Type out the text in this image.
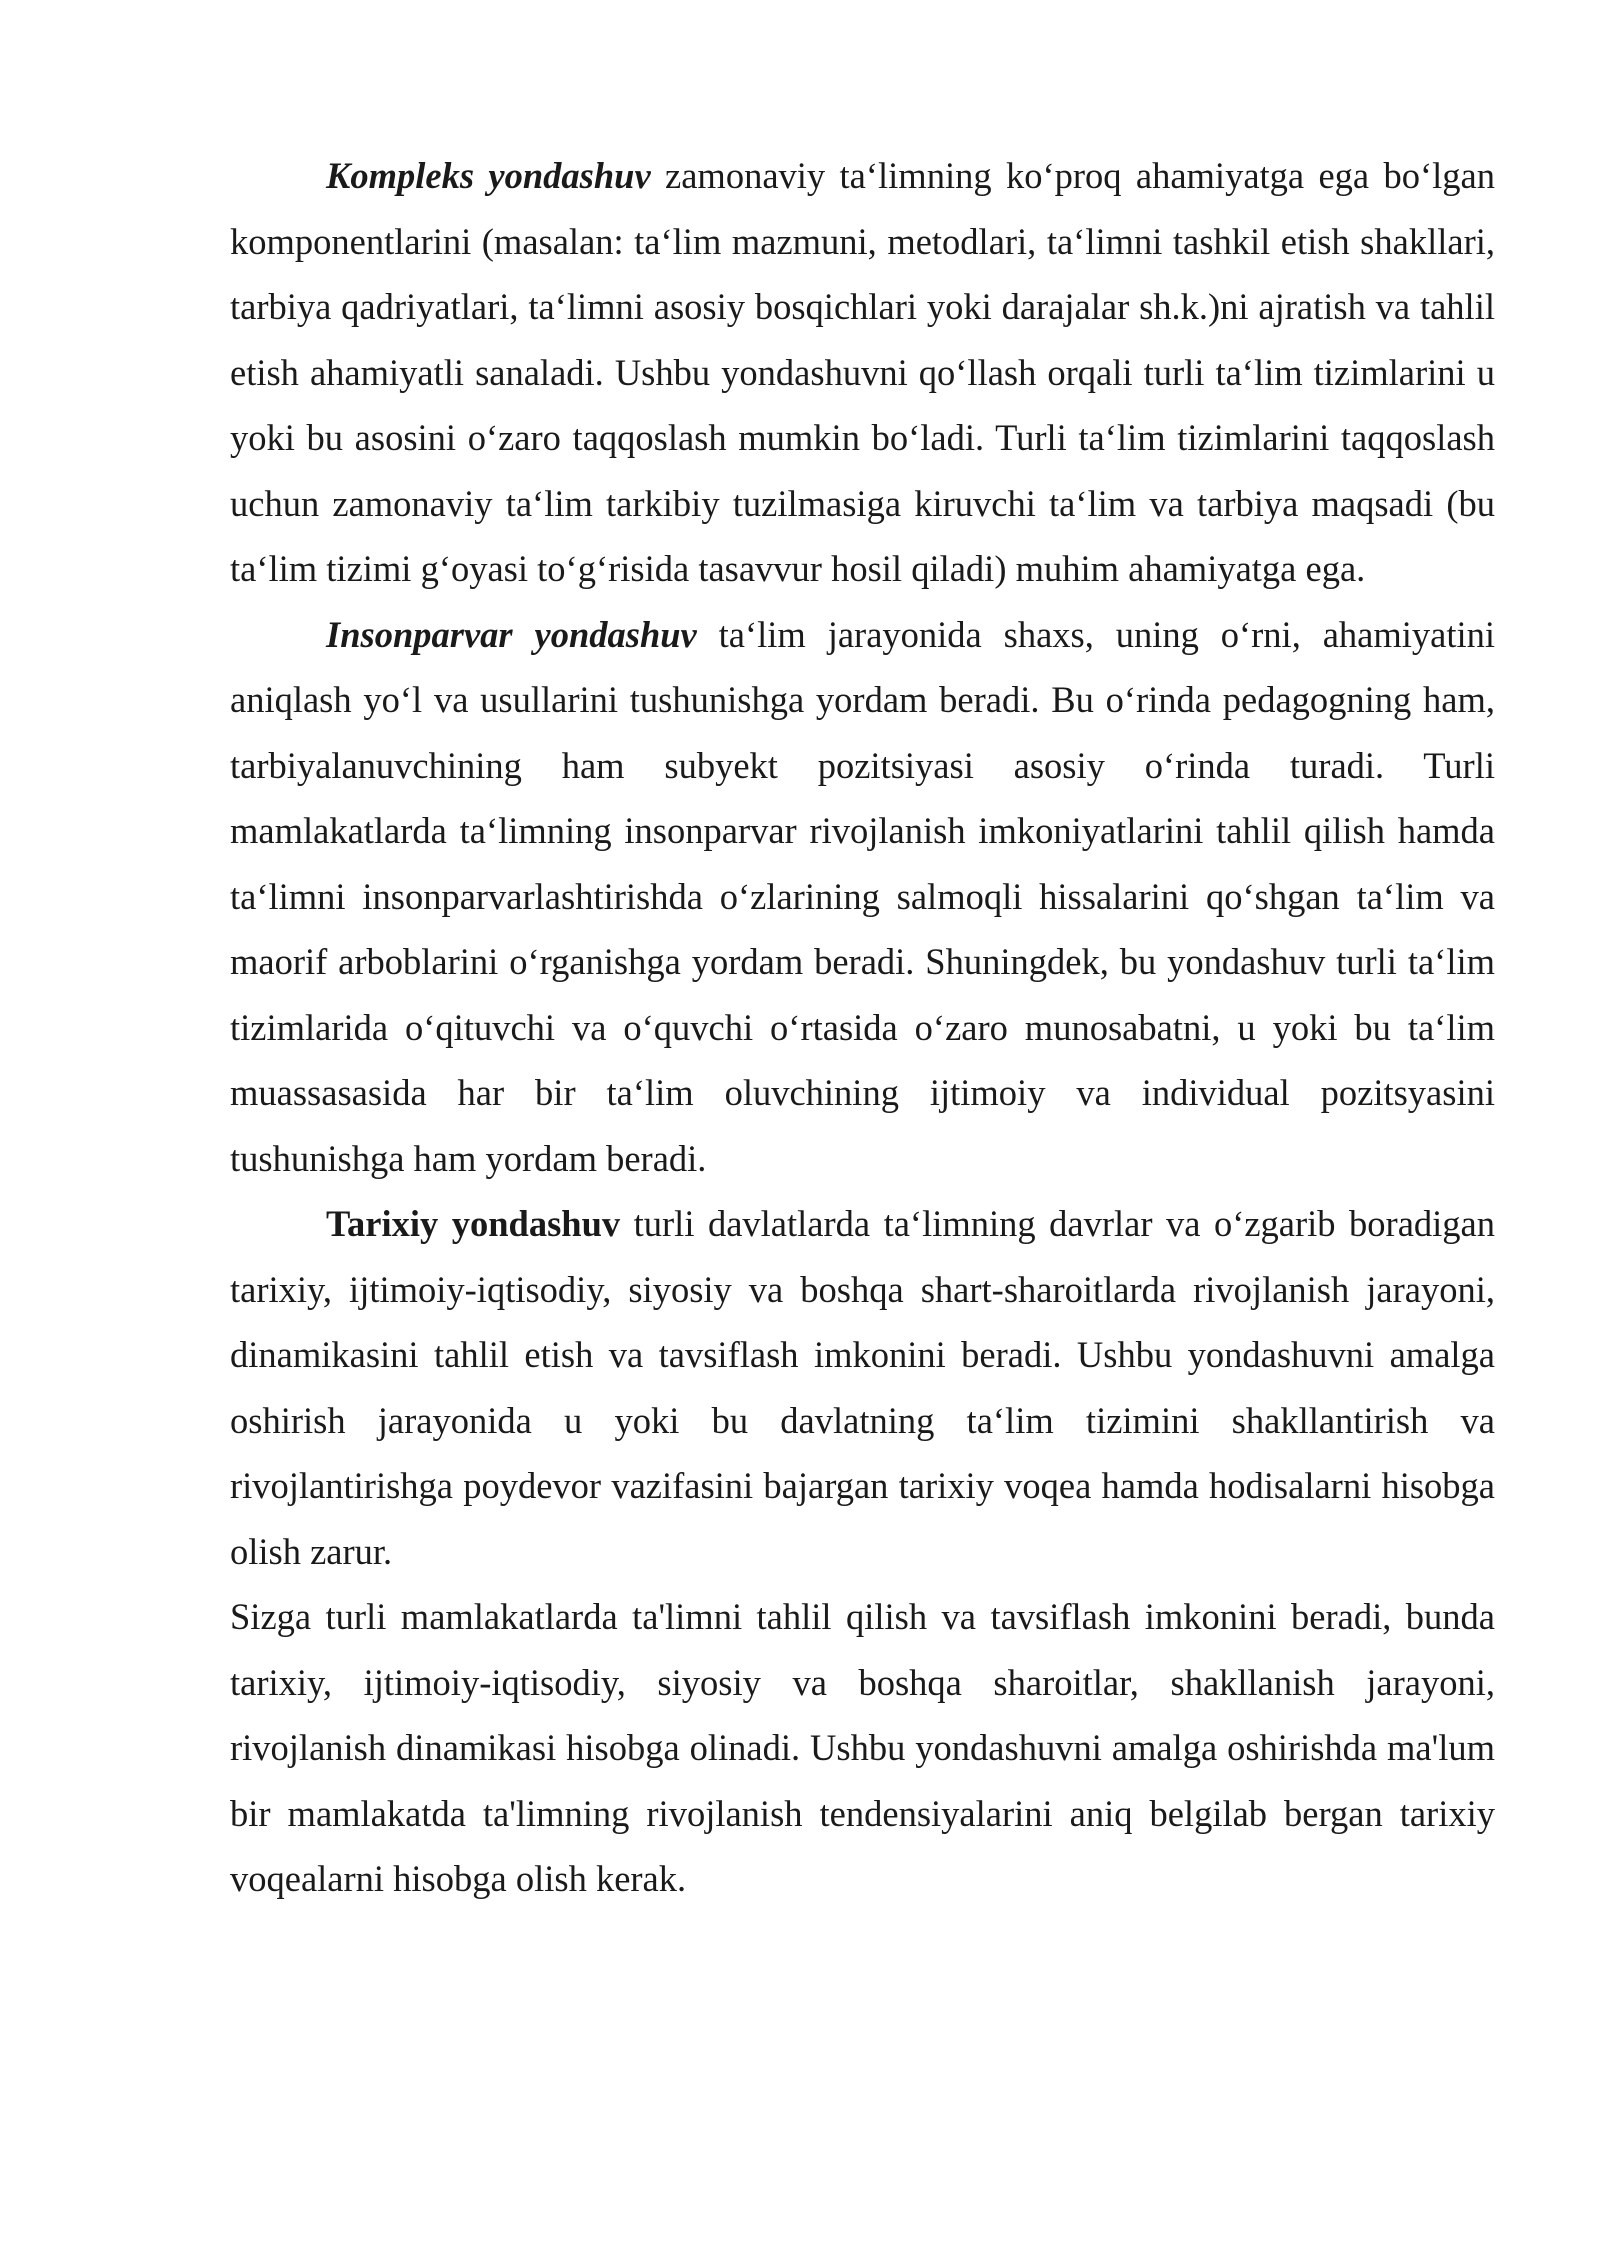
Kompleks yondashuv zamonaviy ta‘limning ko‘proq ahamiyatga ega bo‘lgan komponentlarini (masalan: ta‘lim mazmuni, metodlari, ta‘limni tashkil etish shakllari, tarbiya qadriyatlari, ta‘limni asosiy bosqichlari yoki darajalar sh.k.)ni ajratish va tahlil etish ahamiyatli sanaladi. Ushbu yondashuvni qo‘llash orqali turli ta‘lim tizimlarini u yoki bu asosini o‘zaro taqqoslash mumkin bo‘ladi. Turli ta‘lim tizimlarini taqqoslash uchun zamonaviy ta‘lim tarkibiy tuzilmasiga kiruvchi ta‘lim va tarbiya maqsadi (bu ta‘lim tizimi g‘oyasi to‘g‘risida tasavvur hosil qiladi) muhim ahamiyatga ega.

Insonparvar yondashuv ta‘lim jarayonida shaxs, uning o‘rni, ahamiyatini aniqlash yo‘l va usullarini tushunishga yordam beradi. Bu o‘rinda pedagogning ham, tarbiyalanuvchining ham subyekt pozitsiyasi asosiy o‘rinda turadi. Turli mamlakatlarda ta‘limning insonparvar rivojlanish imkoniyatlarini tahlil qilish hamda ta‘limni insonparvarlashtirishda o‘zlarining salmoqli hissalarini qo‘shgan ta‘lim va maorif arboblarini o‘rganishga yordam beradi. Shuningdek, bu yondashuv turli ta‘lim tizimlarida o‘qituvchi va o‘quvchi o‘rtasida o‘zaro munosabatni, u yoki bu ta‘lim muassasasida har bir ta‘lim oluvchining ijtimoiy va individual pozitsyasini tushunishga ham yordam beradi.

Tarixiy yondashuv turli davlatlarda ta‘limning davrlar va o‘zgarib boradigan tarixiy, ijtimoiy-iqtisodiy, siyosiy va boshqa shart-sharoitlarda rivojlanish jarayoni, dinamikasini tahlil etish va tavsiflash imkonini beradi. Ushbu yondashuvni amalga oshirish jarayonida u yoki bu davlatning ta‘lim tizimini shakllantirish va rivojlantirishga poydevor vazifasini bajargan tarixiy voqea hamda hodisalarni hisobga olish zarur.

Sizga turli mamlakatlarda ta'limni tahlil qilish va tavsiflash imkonini beradi, bunda tarixiy, ijtimoiy-iqtisodiy, siyosiy va boshqa sharoitlar, shakllanish jarayoni, rivojlanish dinamikasi hisobga olinadi. Ushbu yondashuvni amalga oshirishda ma'lum bir mamlakatda ta'limning rivojlanish tendensiyalarini aniq belgilab bergan tarixiy voqealarni hisobga olish kerak.
